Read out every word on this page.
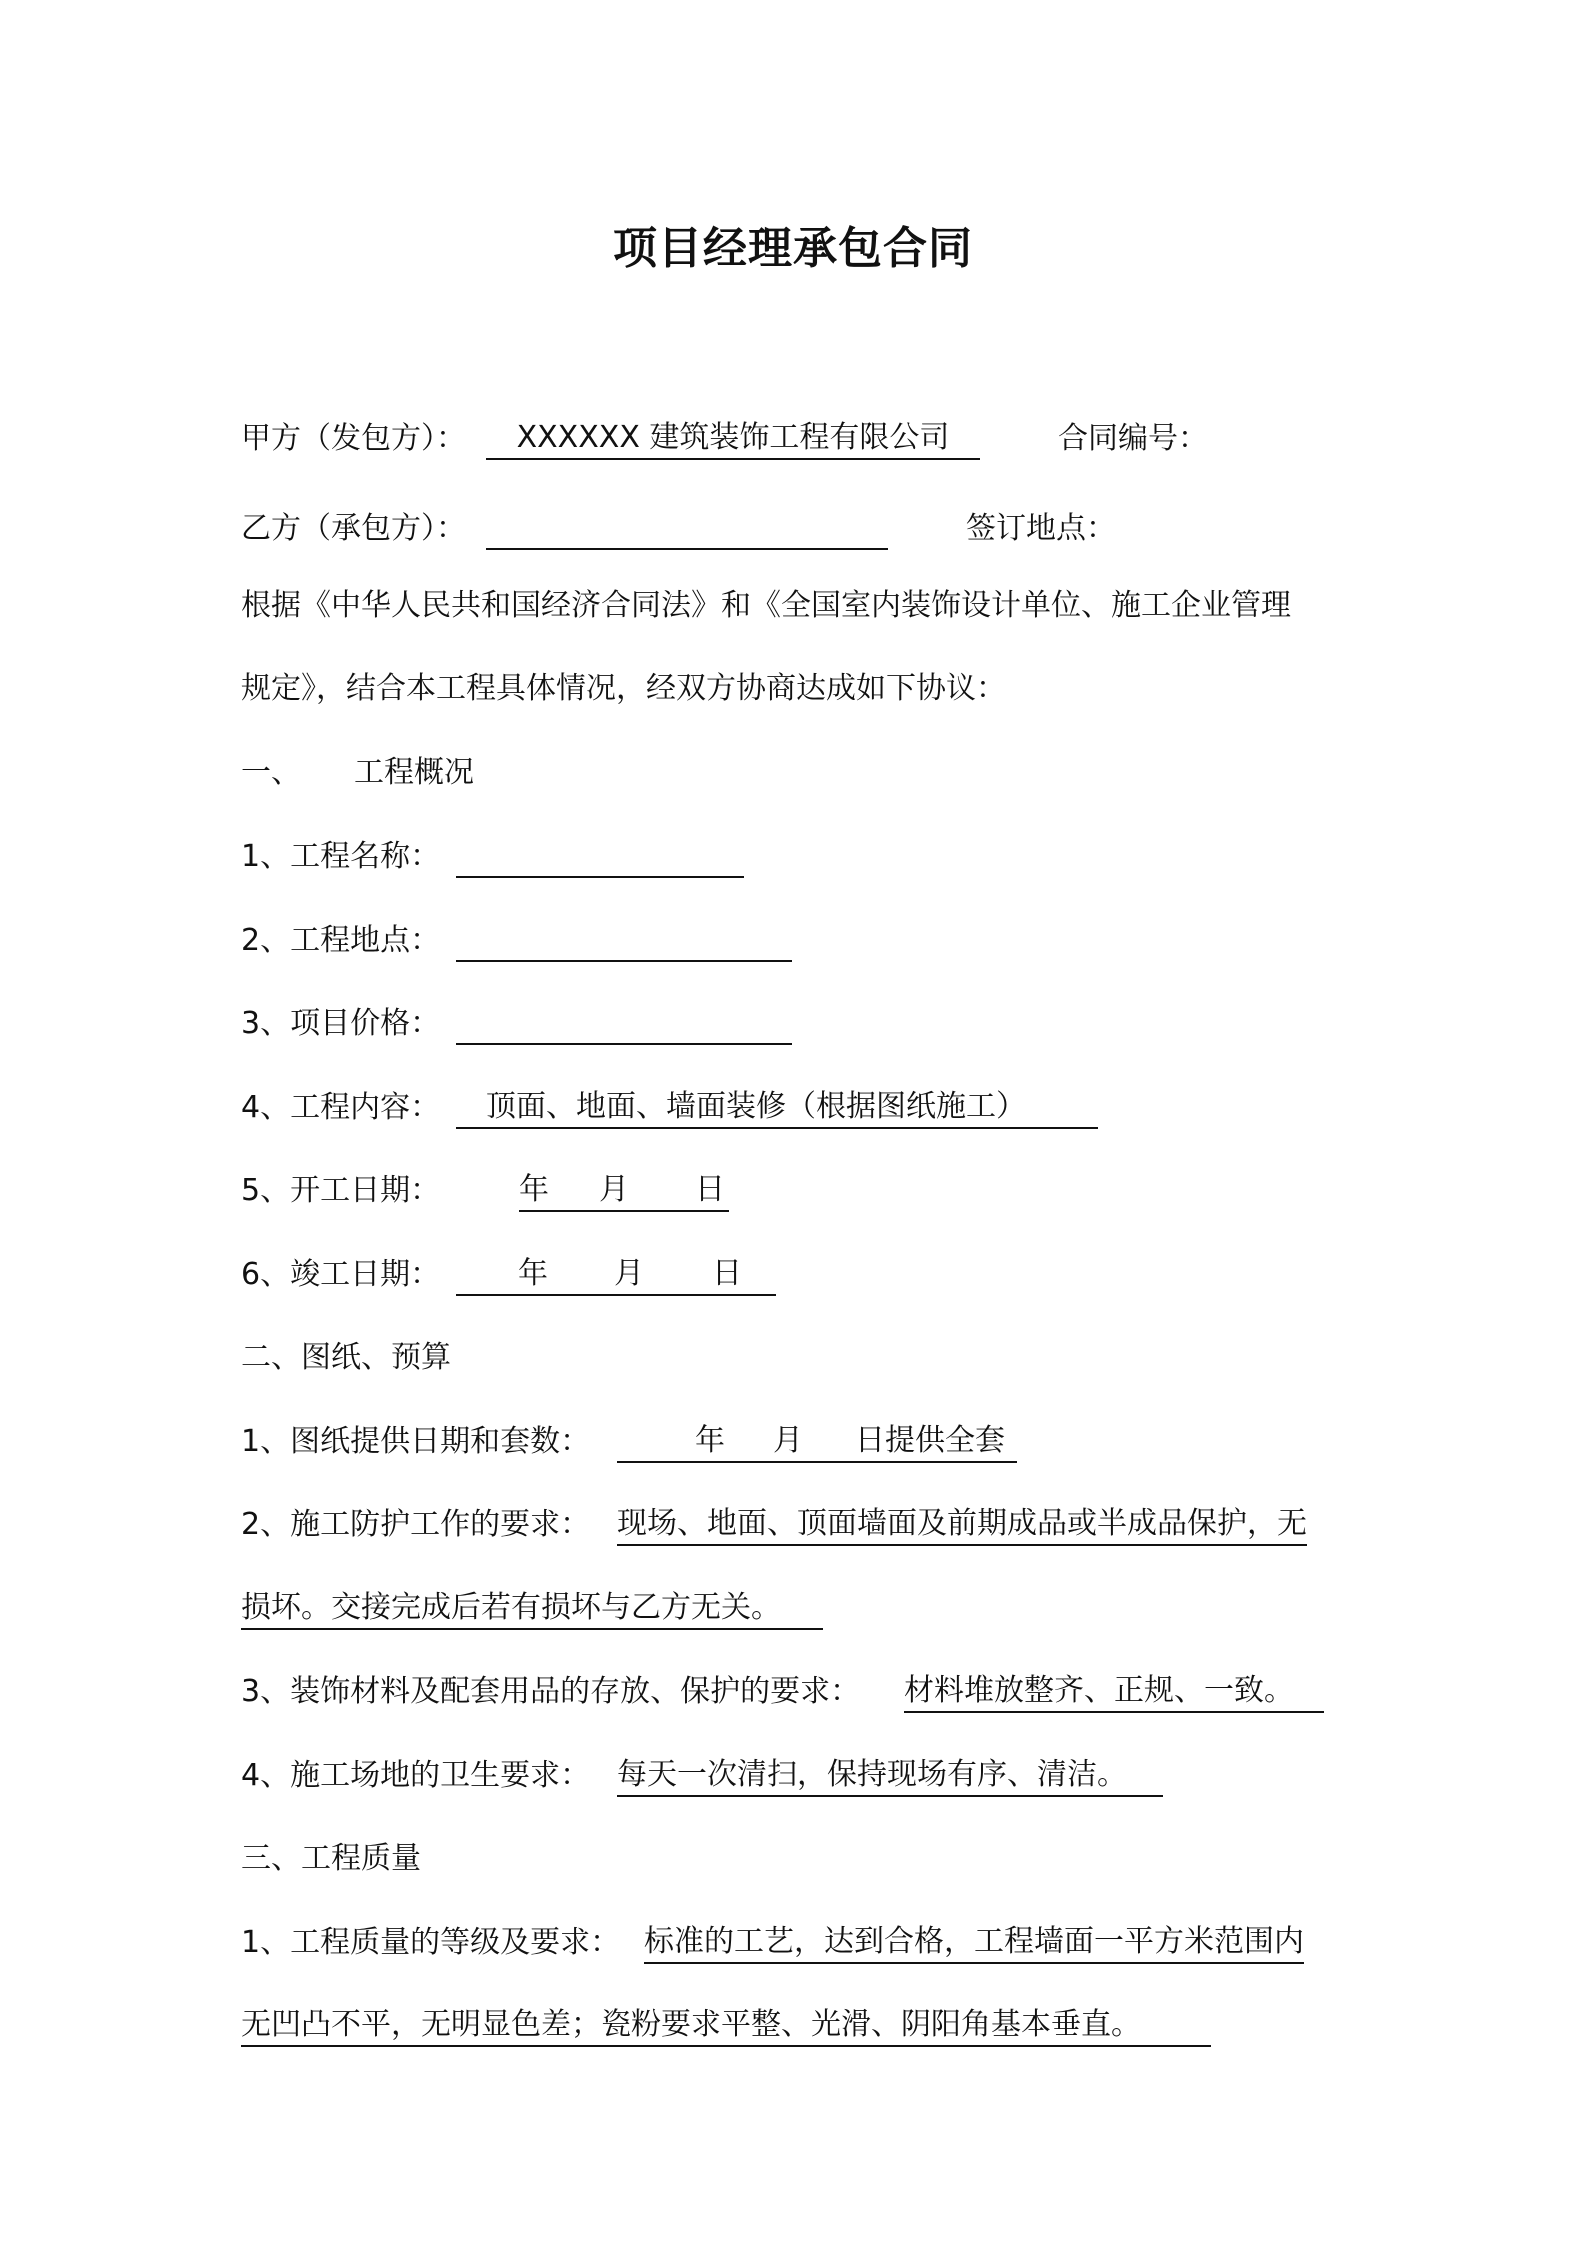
项目经理承包合同
甲方（发包方）：	XXXXXX 建筑装饰工程有限公司	合同编号：
乙方（承包方）：	签订地点：
根据《中华人民共和国经济合同法》和《全国室内装饰设计单位、施工企业管理
规定》，结合本工程具体情况，经双方协商达成如下协议：
一、 工程概况
1、工程名称：
2、工程地点：
3、项目价格：
4、工程内容：	顶面、地面、墙面装修（根据图纸施工）
5、开工日期：	年 月 日
6、竣工日期：	年 月 日
二、图纸、预算
1、图纸提供日期和套数：	年 月 日提供全套
2、施工防护工作的要求： 现场、地面、顶面墙面及前期成品或半成品保护，无
损坏。交接完成后若有损坏与乙方无关。
3、装饰材料及配套用品的存放、保护的要求： 材料堆放整齐、正规、一致。
4、施工场地的卫生要求： 每天一次清扫，保持现场有序、清洁。
三、工程质量
1、工程质量的等级及要求： 标准的工艺，达到合格，工程墙面一平方米范围内
无凹凸不平，无明显色差；瓷粉要求平整、光滑、阴阳角基本垂直。
